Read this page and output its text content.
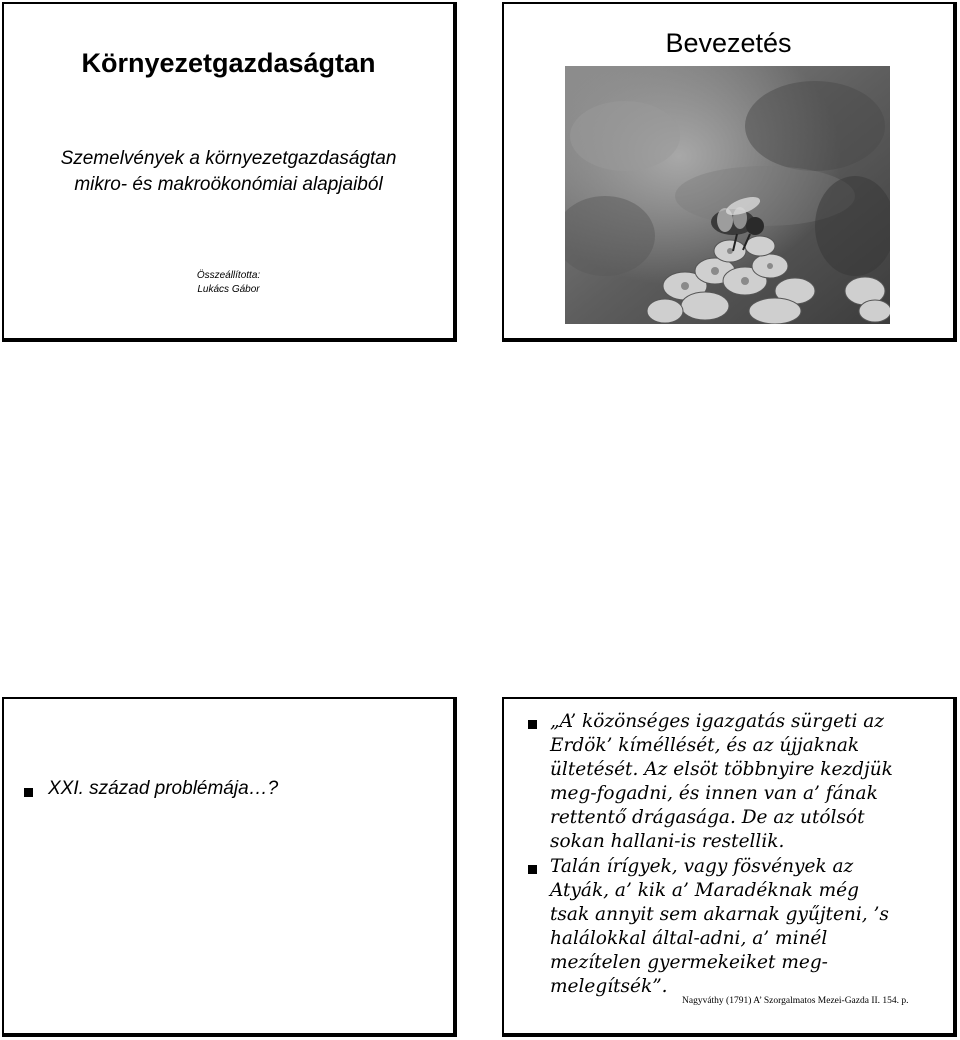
Környezetgazdaságtan
Szemelvények a környezetgazdaságtan
mikro- és makroökonómiai alapjaiból
Összeállította:
Lukács Gábor
Bevezetés
XXI. század problémája…?
„A’ közönséges igazgatás sürgeti az
Erdök’ kíméllését, és az újjaknak
ültetését. Az elsöt többnyire kezdjük
meg-fogadni, és innen van a’ fának
rettentő drágasága. De az utólsót
sokan hallani-is restellik.
Talán írígyek, vagy fösvények az
Atyák, a’ kik a’ Maradéknak még
tsak annyit sem akarnak gyűjteni, ’s
halálokkal által-adni, a’ minél
mezítelen gyermekeiket meg-
melegítsék”.
Nagyváthy (1791) A’ Szorgalmatos Mezei-Gazda II. 154. p.
